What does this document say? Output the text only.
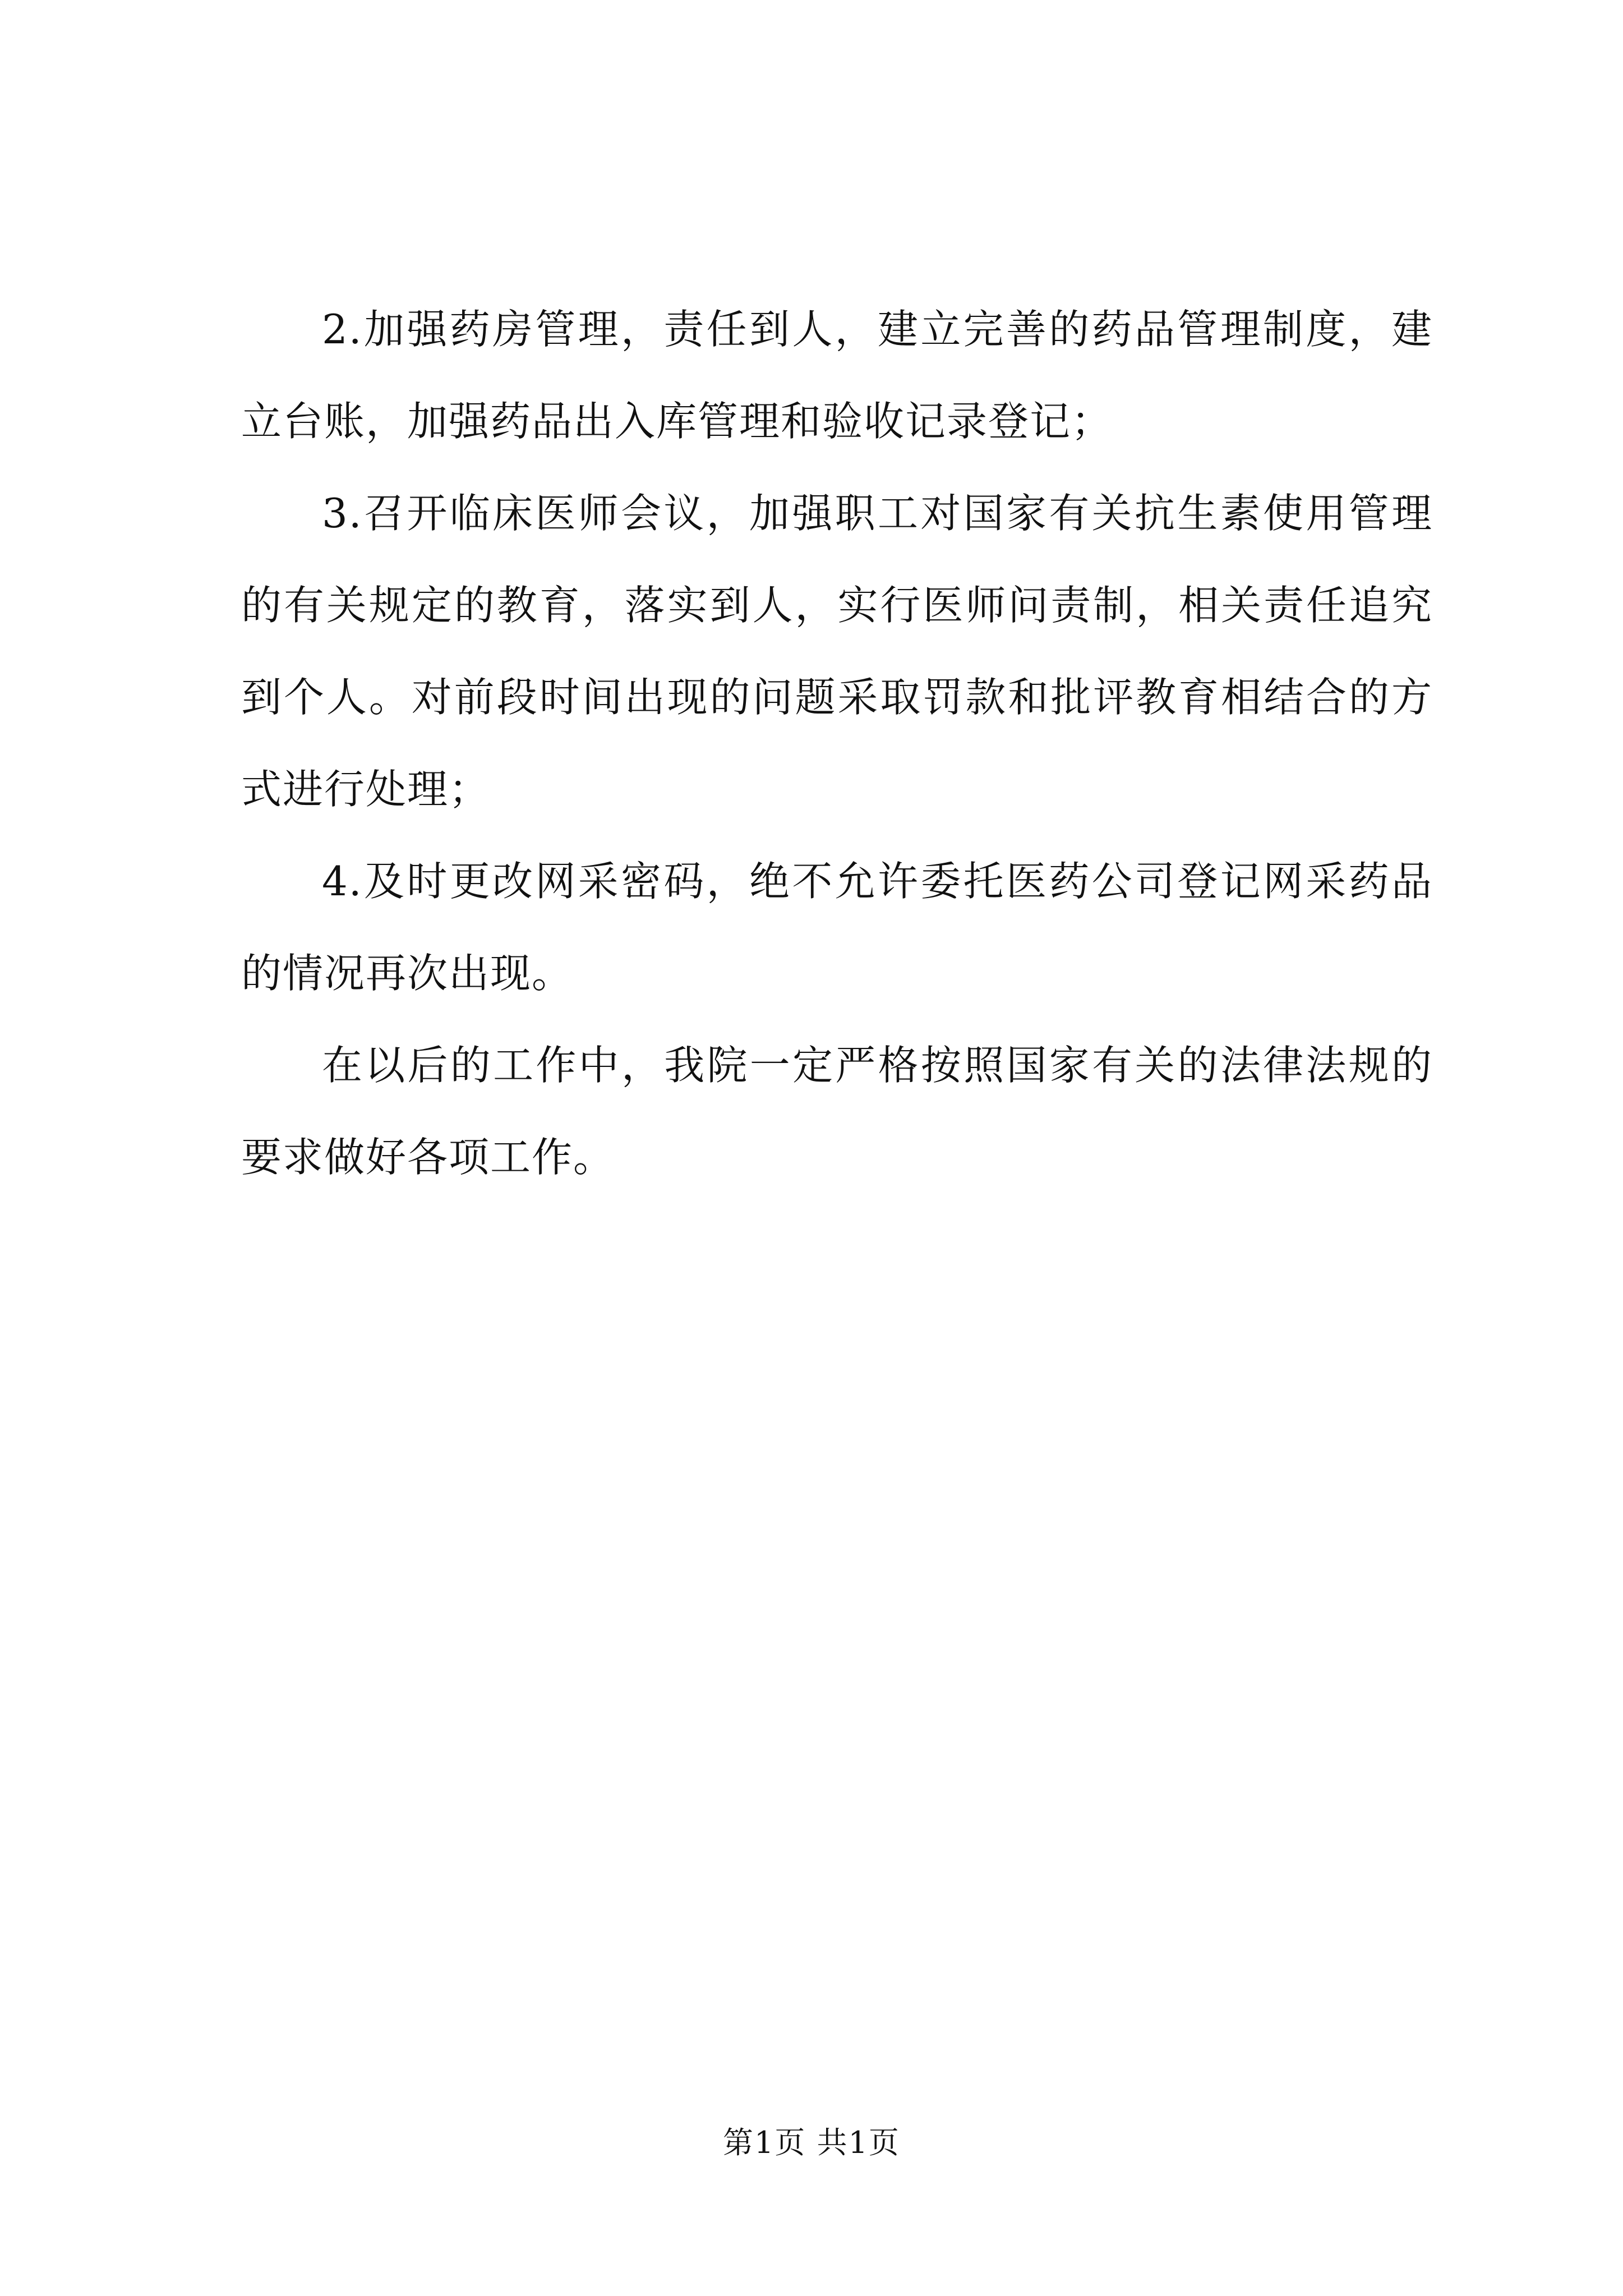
2.加强药房管理，责任到人，建立完善的药品管理制度，建立台账，加强药品出入库管理和验收记录登记；

3.召开临床医师会议，加强职工对国家有关抗生素使用管理的有关规定的教育，落实到人，实行医师问责制，相关责任追究到个人。对前段时间出现的问题采取罚款和批评教育相结合的方式进行处理；

4.及时更改网采密码，绝不允许委托医药公司登记网采药品的情况再次出现。

在以后的工作中，我院一定严格按照国家有关的法律法规的要求做好各项工作。

第1页 共1页
